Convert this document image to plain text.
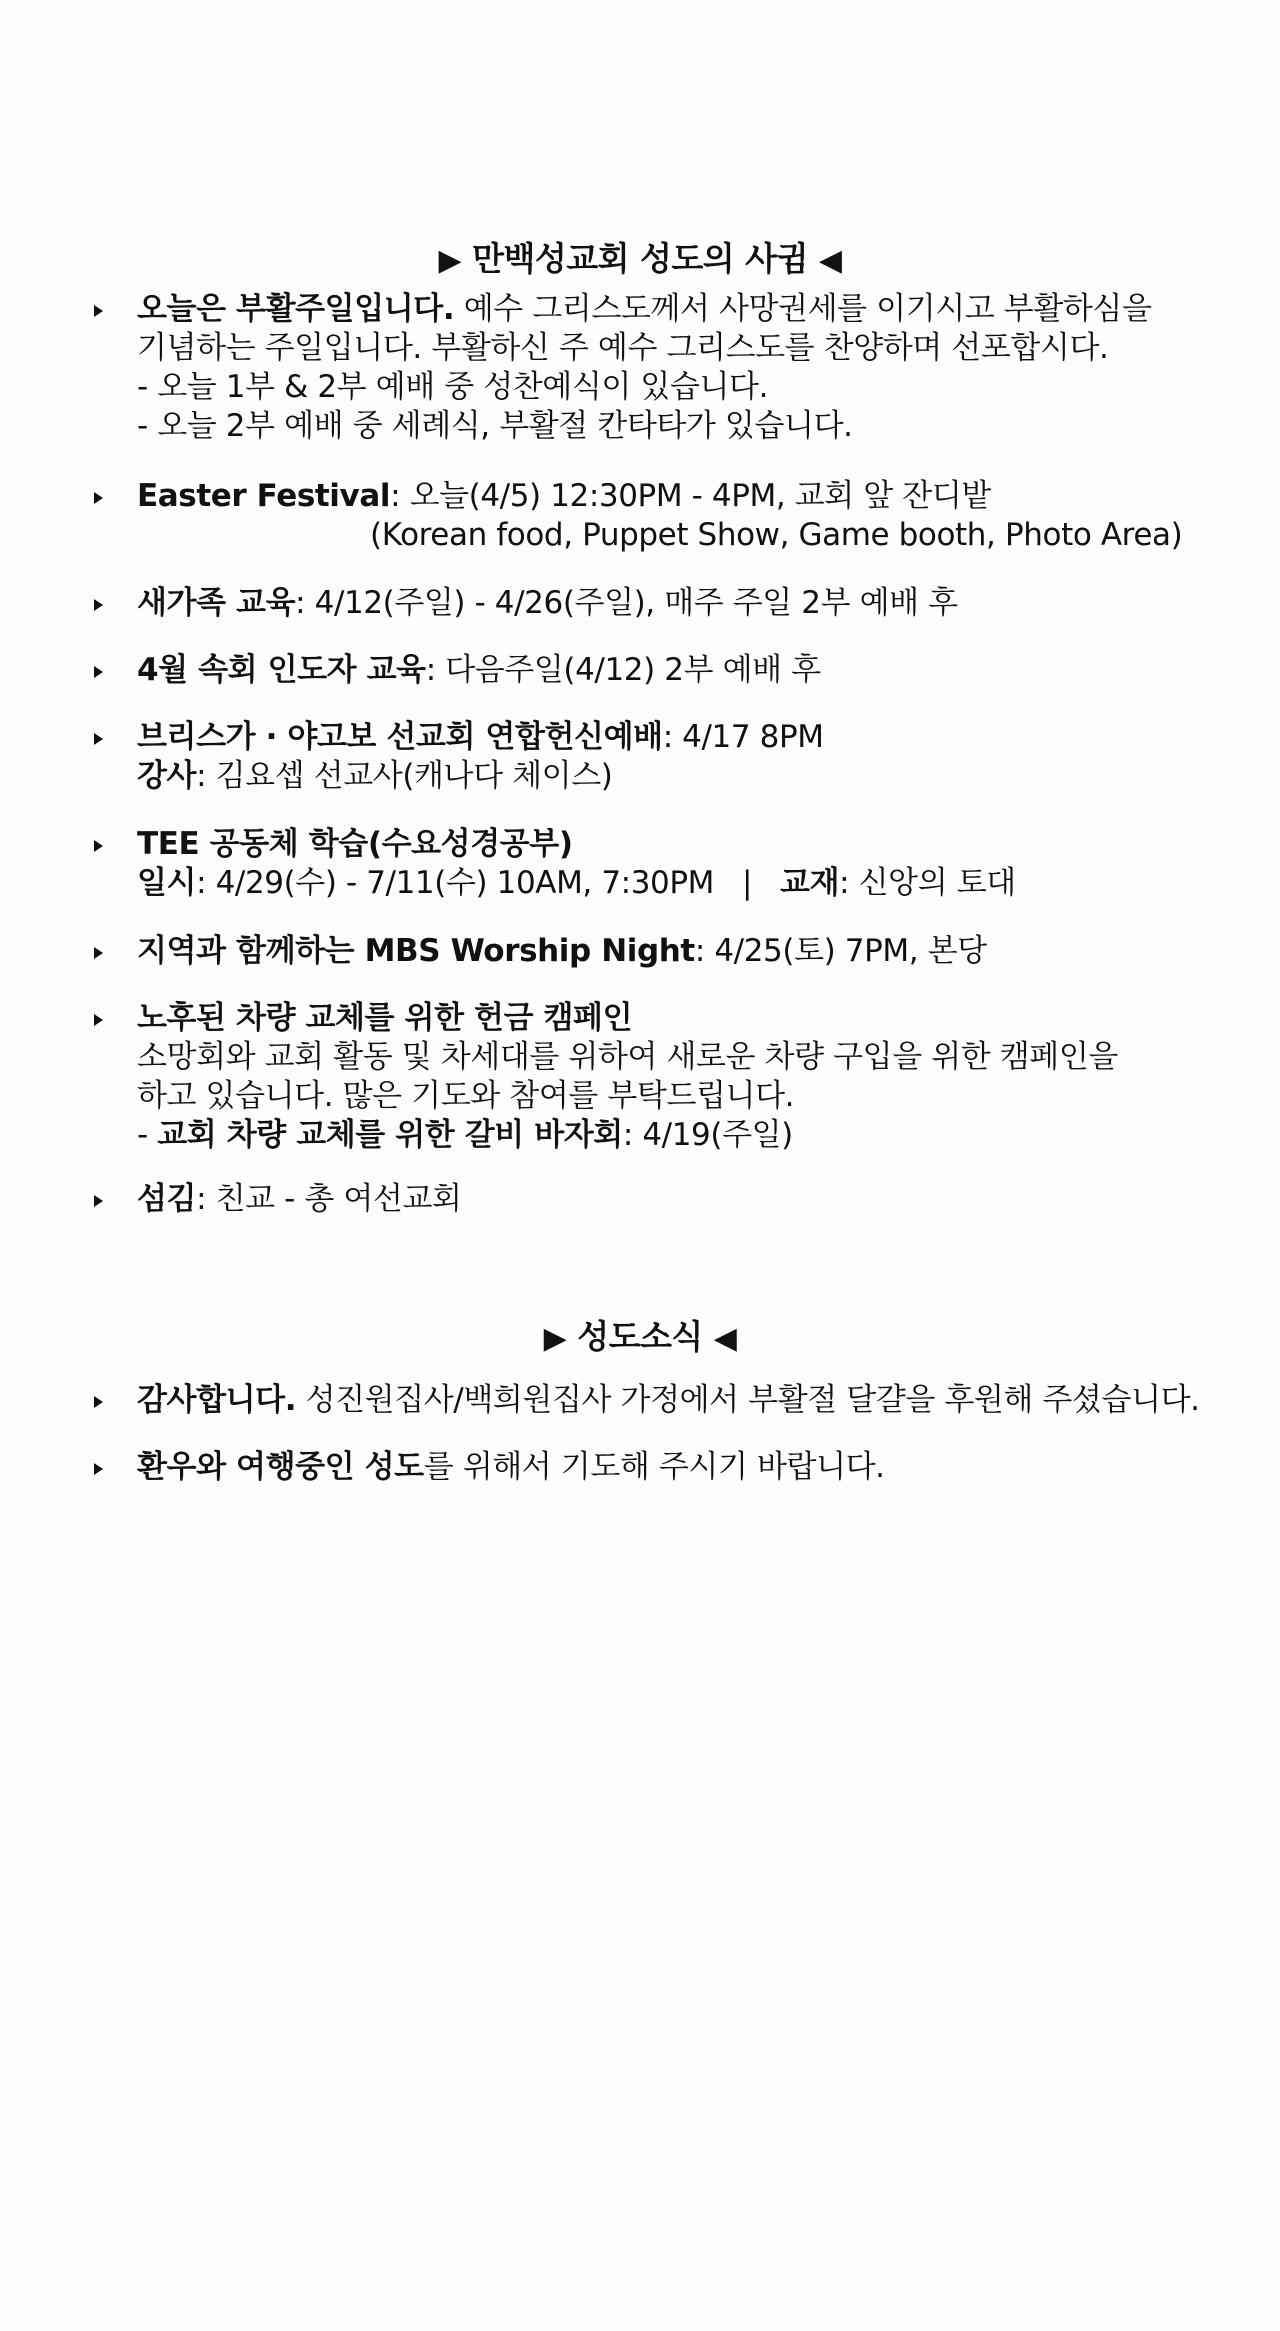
▶ 만백성교회 성도의 사귐 ◀
오늘은 부활주일입니다. 예수 그리스도께서 사망권세를 이기시고 부활하심을
기념하는 주일입니다. 부활하신 주 예수 그리스도를 찬양하며 선포합시다.
- 오늘 1부 & 2부 예배 중 성찬예식이 있습니다.
- 오늘 2부 예배 중 세례식, 부활절 칸타타가 있습니다.
Easter Festival: 오늘(4/5) 12:30PM - 4PM, 교회 앞 잔디밭
(Korean food, Puppet Show, Game booth, Photo Area)
새가족 교육: 4/12(주일) - 4/26(주일), 매주 주일 2부 예배 후
4월 속회 인도자 교육: 다음주일(4/12) 2부 예배 후
브리스가 · 야고보 선교회 연합헌신예배: 4/17 8PM
강사: 김요셉 선교사(캐나다 체이스)
TEE 공동체 학습(수요성경공부)
일시: 4/29(수) - 7/11(수) 10AM, 7:30PM | 교재: 신앙의 토대
지역과 함께하는 MBS Worship Night: 4/25(토) 7PM, 본당
노후된 차량 교체를 위한 헌금 캠페인
소망회와 교회 활동 및 차세대를 위하여 새로운 차량 구입을 위한 캠페인을
하고 있습니다. 많은 기도와 참여를 부탁드립니다.
- 교회 차량 교체를 위한 갈비 바자회: 4/19(주일)
섬김: 친교 - 총 여선교회
▶ 성도소식 ◀
감사합니다. 성진원집사/백희원집사 가정에서 부활절 달걀을 후원해 주셨습니다.
환우와 여행중인 성도를 위해서 기도해 주시기 바랍니다.
